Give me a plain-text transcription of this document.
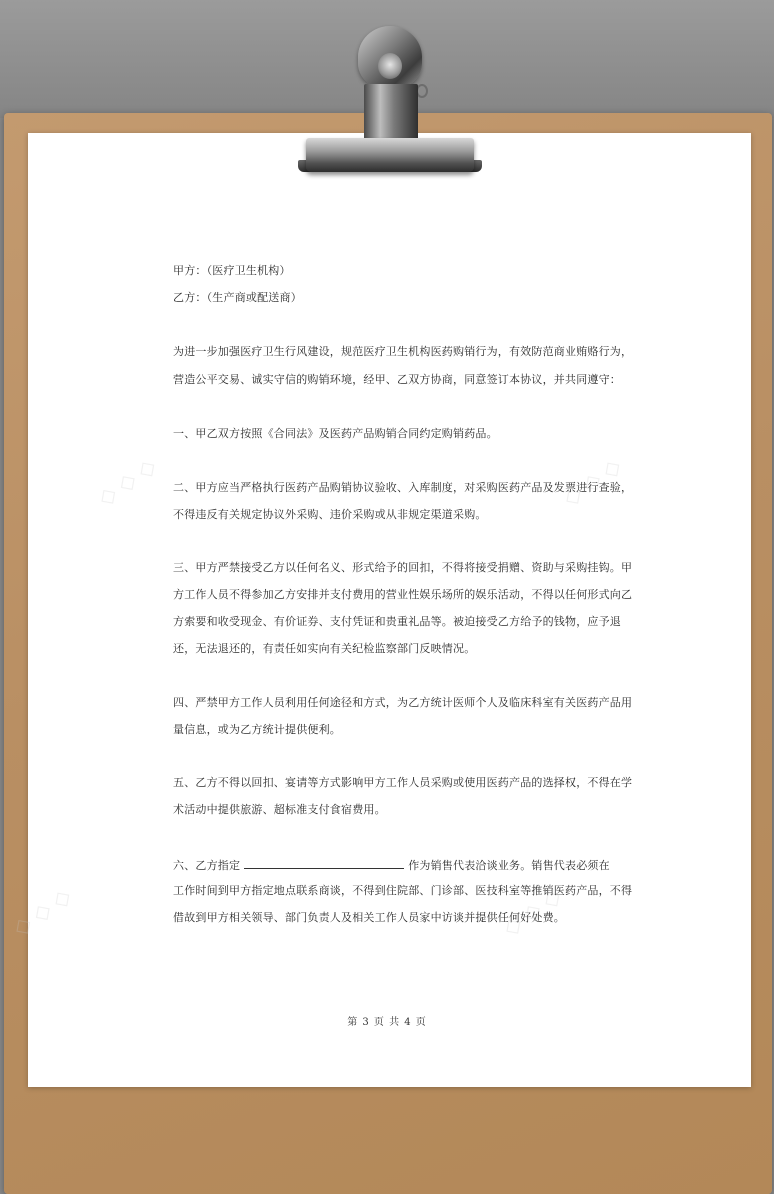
◇ ◇ ◇	◇ ◇ ◇
◇ ◇ ◇	◇ ◇ ◇
甲方：（医疗卫生机构）
乙方：（生产商或配送商）
为进一步加强医疗卫生行风建设，规范医疗卫生机构医药购销行为，有效防范商业贿赂行为，
营造公平交易、诚实守信的购销环境，经甲、乙双方协商，同意签订本协议，并共同遵守：
一、甲乙双方按照《合同法》及医药产品购销合同约定购销药品。
二、甲方应当严格执行医药产品购销协议验收、入库制度，对采购医药产品及发票进行查验，
不得违反有关规定协议外采购、违价采购或从非规定渠道采购。
三、甲方严禁接受乙方以任何名义、形式给予的回扣，不得将接受捐赠、资助与采购挂钩。甲
方工作人员不得参加乙方安排并支付费用的营业性娱乐场所的娱乐活动，不得以任何形式向乙
方索要和收受现金、有价证券、支付凭证和贵重礼品等。被迫接受乙方给予的钱物，应予退
还，无法退还的，有责任如实向有关纪检监察部门反映情况。
四、严禁甲方工作人员利用任何途径和方式，为乙方统计医师个人及临床科室有关医药产品用
量信息，或为乙方统计提供便利。
五、乙方不得以回扣、宴请等方式影响甲方工作人员采购或使用医药产品的选择权，不得在学
术活动中提供旅游、超标准支付食宿费用。
六、乙方指定	作为销售代表洽谈业务。销售代表必须在
工作时间到甲方指定地点联系商谈，不得到住院部、门诊部、医技科室等推销医药产品，不得
借故到甲方相关领导、部门负责人及相关工作人员家中访谈并提供任何好处费。
第 3 页 共 4 页
